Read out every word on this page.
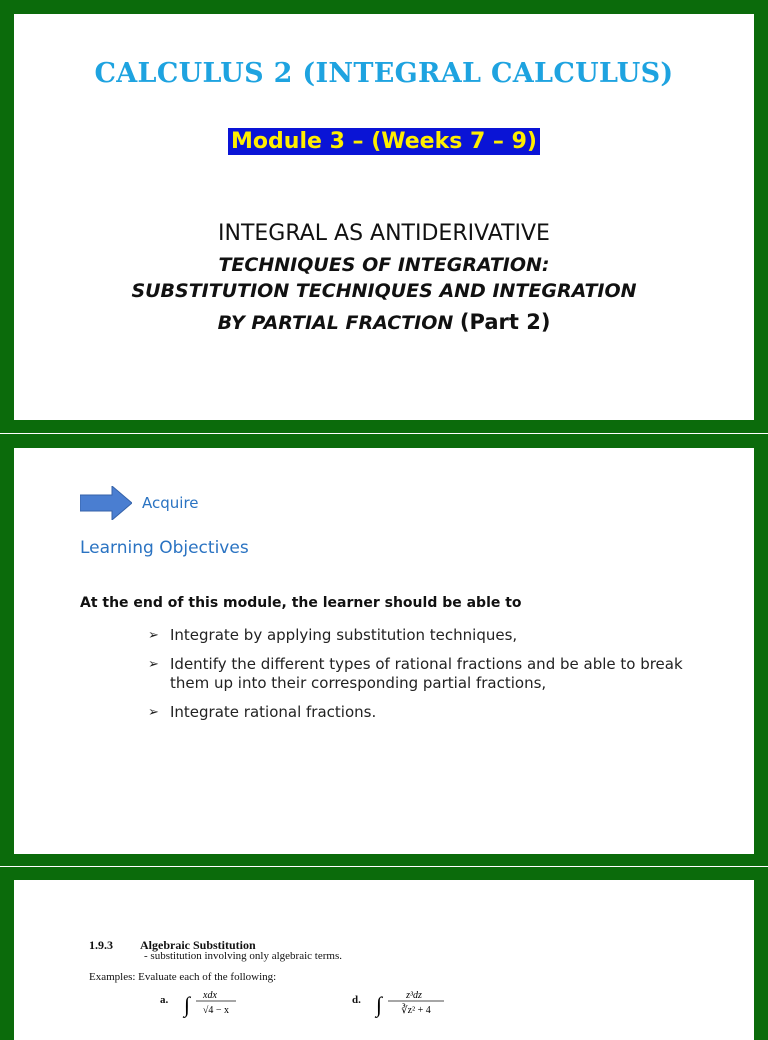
CALCULUS 2 (INTEGRAL CALCULUS)
Module 3 – (Weeks 7 – 9)
INTEGRAL AS ANTIDERIVATIVE
TECHNIQUES OF INTEGRATION:
SUBSTITUTION TECHNIQUES AND INTEGRATION
BY PARTIAL FRACTION (Part 2)
Acquire
Learning Objectives
At the end of this module, the learner should be able to
➢ Integrate by applying substitution techniques,
➢ Identify the different types of rational fractions and be able to break them up into their corresponding partial fractions,
➢ Integrate rational fractions.
1.9.3 Algebraic Substitution
- substitution involving only algebraic terms.
Examples: Evaluate each of the following:
a. ∫ xdx
√4 − x
d. ∫ z³dz
∛z² + 4
